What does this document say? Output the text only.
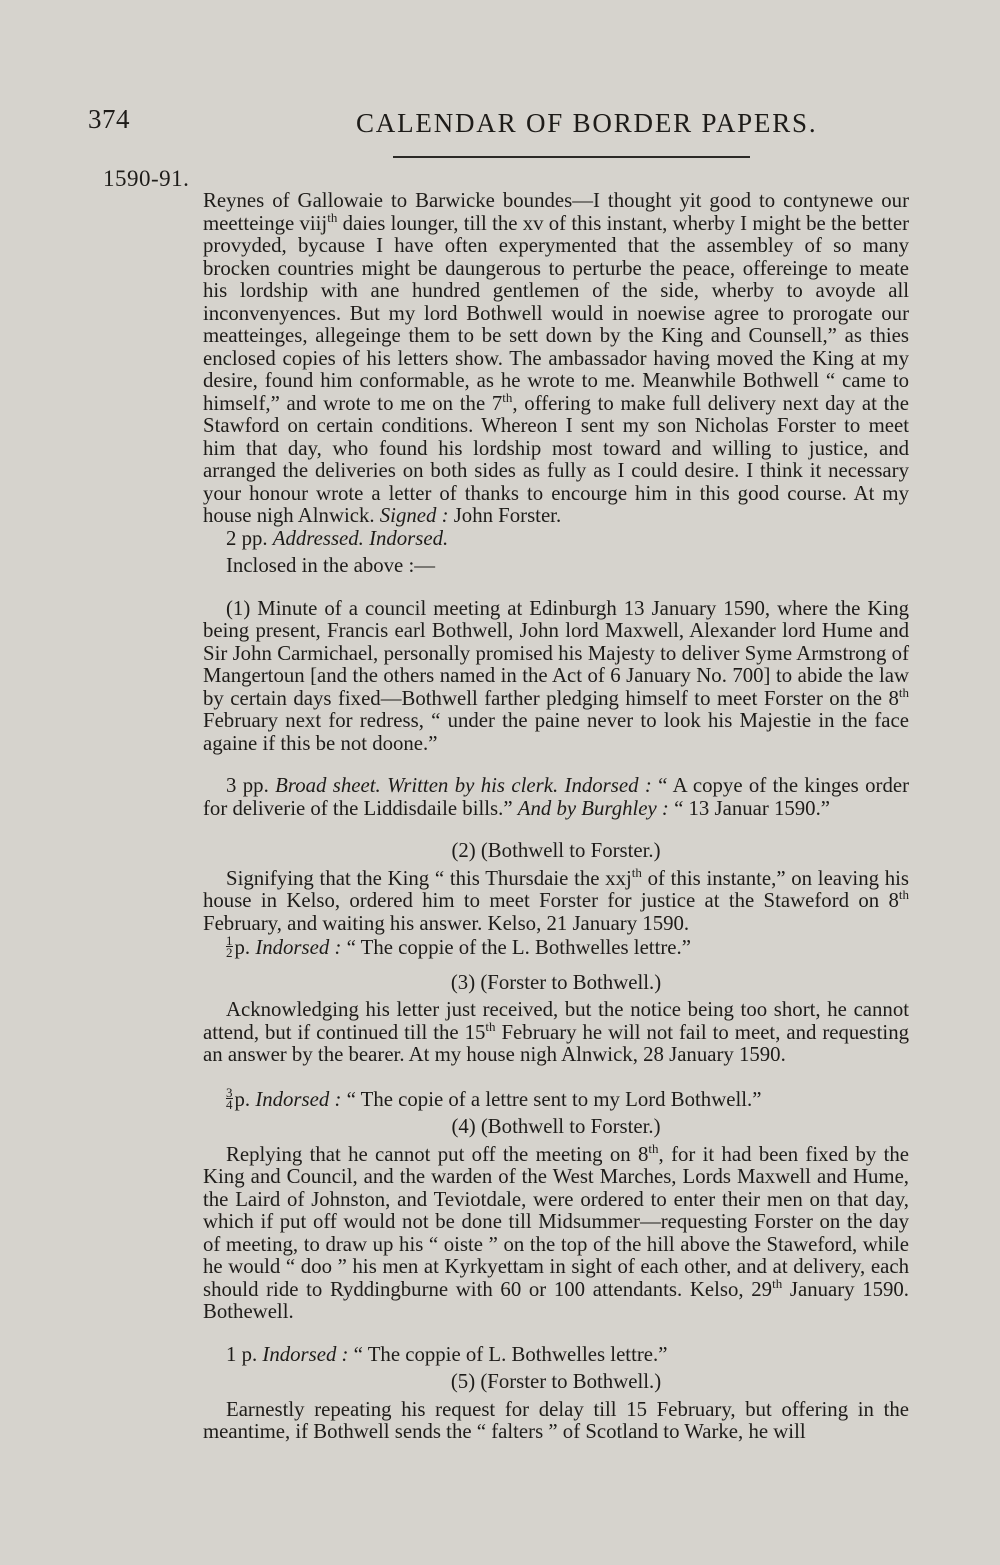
374	CALENDAR OF BORDER PAPERS.
1590-91.

Reynes of Gallowaie to Barwicke boundes—I thought yit good to contynewe our meetteinge viij$^{th}$ daies lounger, till the xv of this instant, wherby I might be the better provyded, bycause I have often experymented that the assembley of so many brocken countries might be daungerous to perturbe the peace, offereinge to meate his lordship with ane hundred gentlemen of the side, wherby to avoyde all inconvenyences. But my lord Bothwell would in noewise agree to prorogate our meatteinges, allegeinge them to be sett down by the King and Counsell,” as thies enclosed copies of his letters show. The ambassador having moved the King at my desire, found him conformable, as he wrote to me. Meanwhile Bothwell “ came to himself,” and wrote to me on the 7th, offering to make full delivery next day at the Stawford on certain conditions. Whereon I sent my son Nicholas Forster to meet him that day, who found his lordship most toward and willing to justice, and arranged the deliveries on both sides as fully as I could desire. I think it necessary your honour wrote a letter of thanks to encourge him in this good course. At my house nigh Alnwick. Signed : John Forster.

2 pp. Addressed. Indorsed.

Inclosed in the above :—

(1) Minute of a council meeting at Edinburgh 13 January 1590, where the King being present, Francis earl Bothwell, John lord Maxwell, Alexander lord Hume and Sir John Carmichael, personally promised his Majesty to deliver Syme Armstrong of Mangertoun [and the others named in the Act of 6 January No. 700] to abide the law by certain days fixed—Bothwell farther pledging himself to meet Forster on the 8th February next for redress, “ under the paine never to look his Majestie in the face againe if this be not doone.”

3 pp. Broad sheet. Written by his clerk. Indorsed : “ A copye of the kinges order for deliverie of the Liddisdaile bills.” And by Burghley : “ 13 Januar 1590.”

(2) (Bothwell to Forster.)

Signifying that the King “ this Thursdaie the xxj$^{th}$ of this instante,” on leaving his house in Kelso, ordered him to meet Forster for justice at the Staweford on 8th February, and waiting his answer. Kelso, 21 January 1590.

$\frac{1}{2} p$. Indorsed : “ The coppie of the L. Bothwelles lettre.”

(3) (Forster to Bothwell.)

Acknowledging his letter just received, but the notice being too short, he cannot attend, but if continued till the 15th February he will not fail to meet, and requesting an answer by the bearer. At my house nigh Alnwick, 28 January 1590.

$\frac{3}{4} p$. Indorsed : “ The copie of a lettre sent to my Lord Bothwell.”

(4) (Bothwell to Forster.)

Replying that he cannot put off the meeting on 8th, for it had been fixed by the King and Council, and the warden of the West Marches, Lords Maxwell and Hume, the Laird of Johnston, and Teviotdale, were ordered to enter their men on that day, which if put off would not be done till Midsummer—requesting Forster on the day of meeting, to draw up his “ oiste ” on the top of the hill above the Staweford, while he would “ doo ” his men at Kyrkyettam in sight of each other, and at delivery, each should ride to Ryddingburne with 60 or 100 attendants. Kelso, 29th January 1590. Bothewell.

1 p. Indorsed : “ The coppie of L. Bothwelles lettre.”

(5) (Forster to Bothwell.)

Earnestly repeating his request for delay till 15 February, but offering in the meantime, if Bothwell sends the “ falters ” of Scotland to Warke, he will
